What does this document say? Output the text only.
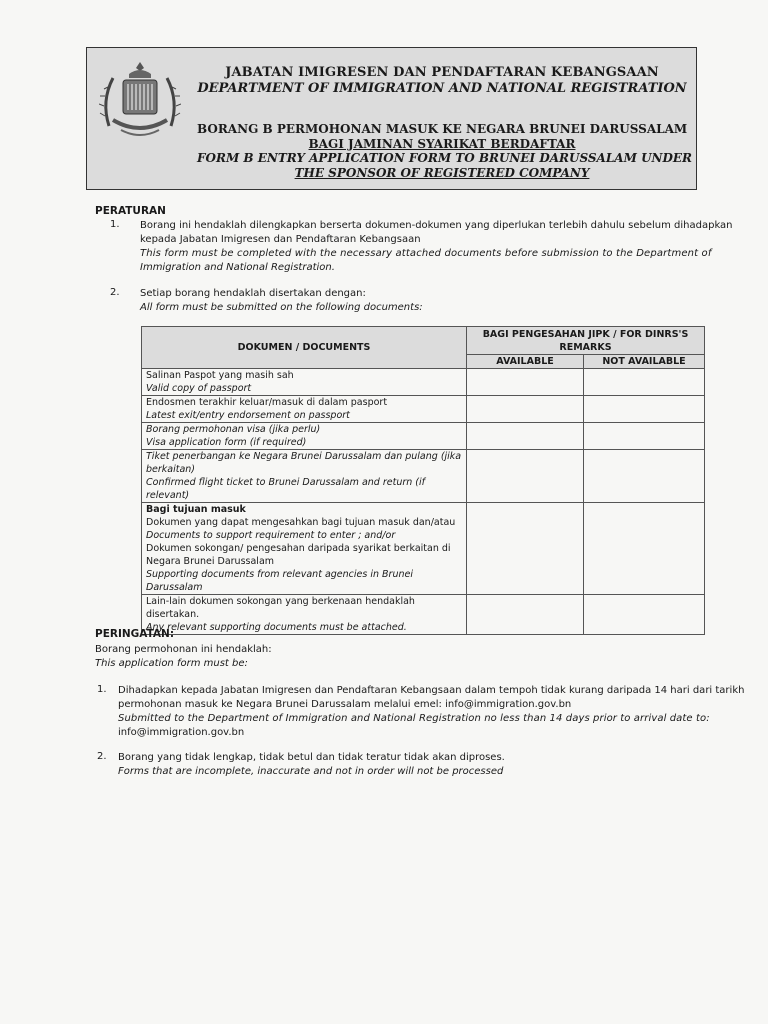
JABATAN IMIGRESEN DAN PENDAFTARAN KEBANGSAAN
DEPARTMENT OF IMMIGRATION AND NATIONAL REGISTRATION
BORANG B PERMOHONAN MASUK KE NEGARA BRUNEI DARUSSALAM
BAGI JAMINAN SYARIKAT BERDAFTAR
FORM B ENTRY APPLICATION FORM TO BRUNEI DARUSSALAM UNDER
THE SPONSOR OF REGISTERED COMPANY
PERATURAN
1. Borang ini hendaklah dilengkapkan berserta dokumen-dokumen yang diperlukan terlebih dahulu sebelum dihadapkan
kepada Jabatan Imigresen dan Pendaftaran Kebangsaan
This form must be completed with the necessary attached documents before submission to the Department of
Immigration and National Registration.
2. Setiap borang hendaklah disertakan dengan:
All form must be submitted on the following documents:
DOKUMEN / DOCUMENTS	BAGI PENGESAHAN JIPK / FOR DINRS'S REMARKS	
	AVAILABLE	NOT AVAILABLE

Salinan Paspot yang masih sah
Valid copy of passport		

Endosmen terakhir keluar/masuk di dalam pasport
Latest exit/entry endorsement on passport		

Borang permohonan visa (jika perlu)
Visa application form (if required)		

Tiket penerbangan ke Negara Brunei Darussalam dan pulang (jika berkaitan)
Confirmed flight ticket to Brunei Darussalam and return (if relevant)		

Bagi tujuan masuk
Dokumen yang dapat mengesahkan bagi tujuan masuk dan/atau
Documents to support requirement to enter ; and/or
Dokumen sokongan/ pengesahan daripada syarikat berkaitan di Negara Brunei Darussalam
Supporting documents from relevant agencies in Brunei Darussalam		

Lain-lain dokumen sokongan yang berkenaan hendaklah disertakan.
Any relevant supporting documents must be attached.		

PERINGATAN:
Borang permohonan ini hendaklah:
This application form must be:
1. Dihadapkan kepada Jabatan Imigresen dan Pendaftaran Kebangsaan dalam tempoh tidak kurang daripada 14 hari dari tarikh
permohonan masuk ke Negara Brunei Darussalam melalui emel: info@immigration.gov.bn
Submitted to the Department of Immigration and National Registration no less than 14 days prior to arrival date to:
info@immigration.gov.bn
2. Borang yang tidak lengkap, tidak betul dan tidak teratur tidak akan diproses.
Forms that are incomplete, inaccurate and not in order will not be processed
